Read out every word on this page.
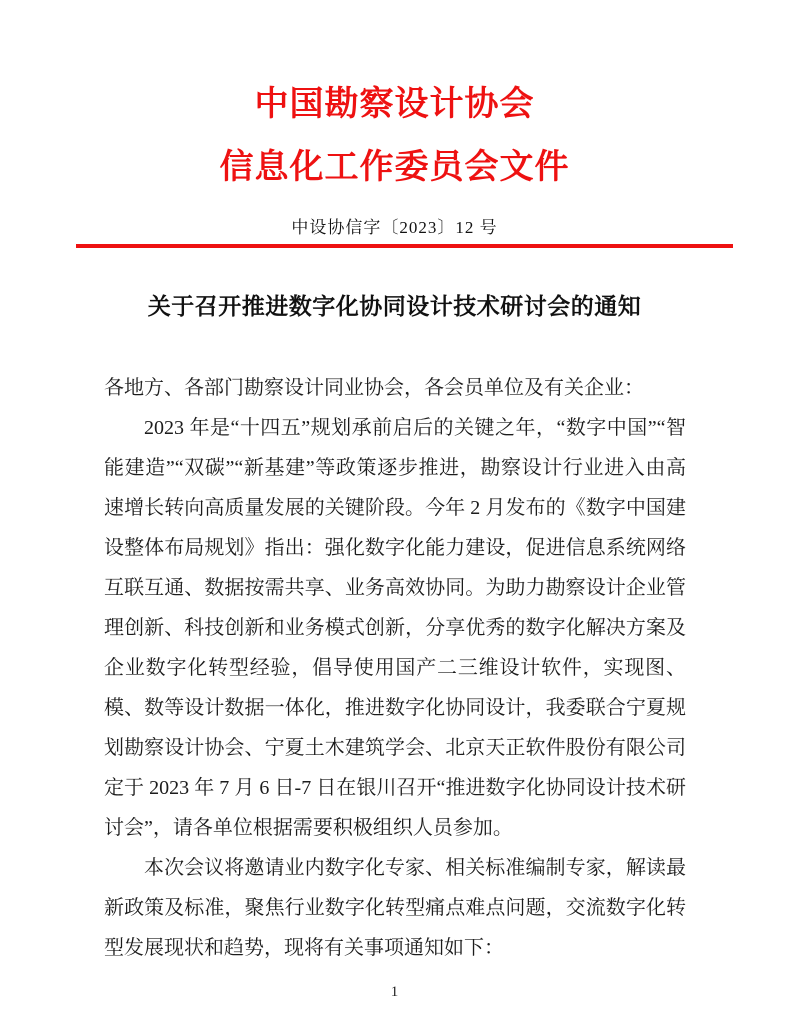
中国勘察设计协会
信息化工作委员会文件
中设协信字〔2023〕12 号
关于召开推进数字化协同设计技术研讨会的通知

各地方、各部门勘察设计同业协会，各会员单位及有关企业：

2023 年是“十四五”规划承前启后的关键之年，“数字中国”“智能建造”“双碳”“新基建”等政策逐步推进，勘察设计行业进入由高速增长转向高质量发展的关键阶段。今年 2 月发布的《数字中国建设整体布局规划》指出：强化数字化能力建设，促进信息系统网络互联互通、数据按需共享、业务高效协同。为助力勘察设计企业管理创新、科技创新和业务模式创新，分享优秀的数字化解决方案及企业数字化转型经验，倡导使用国产二三维设计软件，实现图、模、数等设计数据一体化，推进数字化协同设计，我委联合宁夏规划勘察设计协会、宁夏土木建筑学会、北京天正软件股份有限公司定于 2023 年 7 月 6 日-7 日在银川召开“推进数字化协同设计技术研讨会”，请各单位根据需要积极组织人员参加。

本次会议将邀请业内数字化专家、相关标准编制专家，解读最新政策及标准，聚焦行业数字化转型痛点难点问题，交流数字化转型发展现状和趋势，现将有关事项通知如下：

1
